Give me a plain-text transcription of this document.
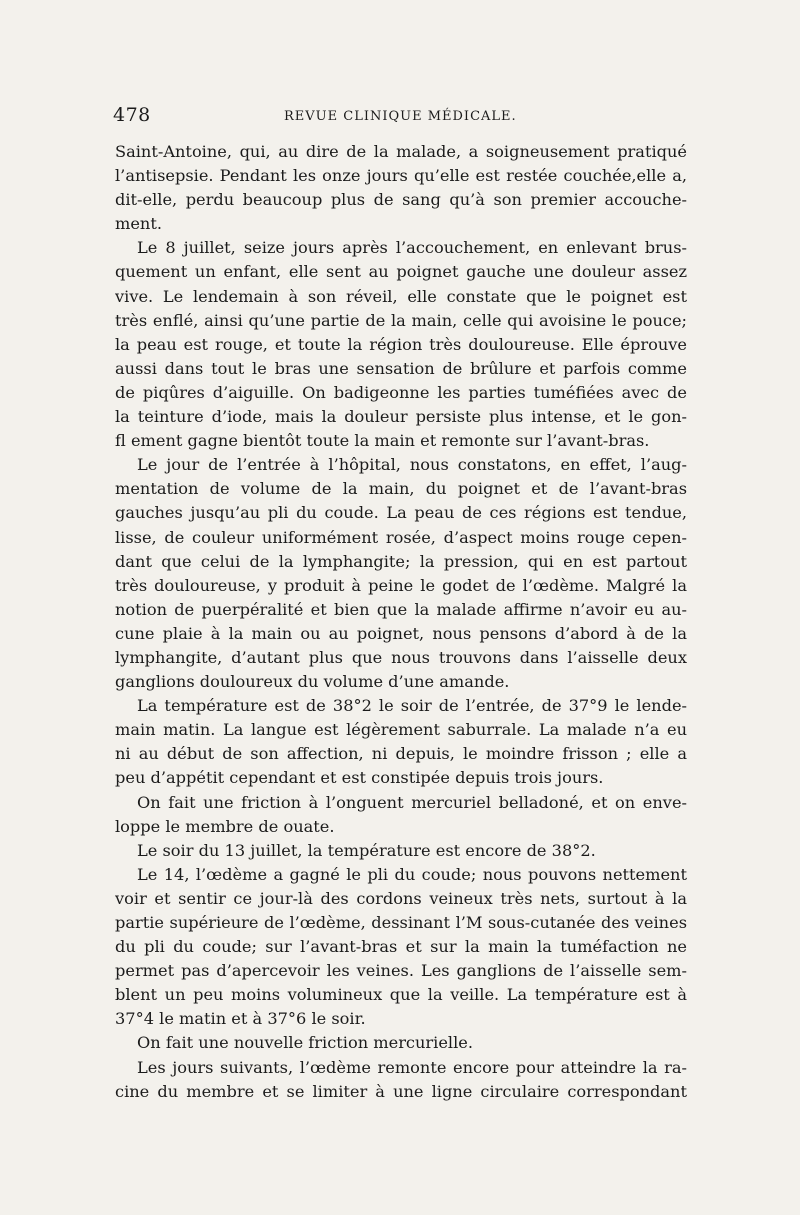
478	REVUE CLINIQUE MÉDICALE.
Saint-Antoine, qui, au dire de la malade, a soigneusement pratiqué
l’antisepsie. Pendant les onze jours qu’elle est restée couchée,elle a,
dit-elle, perdu beaucoup plus de sang qu’à son premier accouche-
ment.
Le 8 juillet, seize jours après l’accouchement, en enlevant brus-
quement un enfant, elle sent au poignet gauche une douleur assez
vive. Le lendemain à son réveil, elle constate que le poignet est
très enflé, ainsi qu’une partie de la main, celle qui avoisine le pouce;
la peau est rouge, et toute la région très douloureuse. Elle éprouve
aussi dans tout le bras une sensation de brûlure et parfois comme
de piqûres d’aiguille. On badigeonne les parties tuméfiées avec de
la teinture d’iode, mais la douleur persiste plus intense, et le gon-
fl ement gagne bientôt toute la main et remonte sur l’avant-bras.
Le jour de l’entrée à l’hôpital, nous constatons, en effet, l’aug-
mentation de volume de la main, du poignet et de l’avant-bras
gauches jusqu’au pli du coude. La peau de ces régions est tendue,
lisse, de couleur uniformément rosée, d’aspect moins rouge cepen-
dant que celui de la lymphangite; la pression, qui en est partout
très douloureuse, y produit à peine le godet de l’œdème. Malgré la
notion de puerpéralité et bien que la malade affirme n’avoir eu au-
cune plaie à la main ou au poignet, nous pensons d’abord à de la
lymphangite, d’autant plus que nous trouvons dans l’aisselle deux
ganglions douloureux du volume d’une amande.
La température est de 38°2 le soir de l’entrée, de 37°9 le lende-
main matin. La langue est légèrement saburrale. La malade n’a eu
ni au début de son affection, ni depuis, le moindre frisson ; elle a
peu d’appétit cependant et est constipée depuis trois jours.
On fait une friction à l’onguent mercuriel belladoné, et on enve-
loppe le membre de ouate.
Le soir du 13 juillet, la température est encore de 38°2.
Le 14, l’œdème a gagné le pli du coude; nous pouvons nettement
voir et sentir ce jour-là des cordons veineux très nets, surtout à la
partie supérieure de l’œdème, dessinant l’M sous-cutanée des veines
du pli du coude; sur l’avant-bras et sur la main la tuméfaction ne
permet pas d’apercevoir les veines. Les ganglions de l’aisselle sem-
blent un peu moins volumineux que la veille. La température est à
37°4 le matin et à 37°6 le soir.
On fait une nouvelle friction mercurielle.
Les jours suivants, l’œdème remonte encore pour atteindre la ra-
cine du membre et se limiter à une ligne circulaire correspondant
